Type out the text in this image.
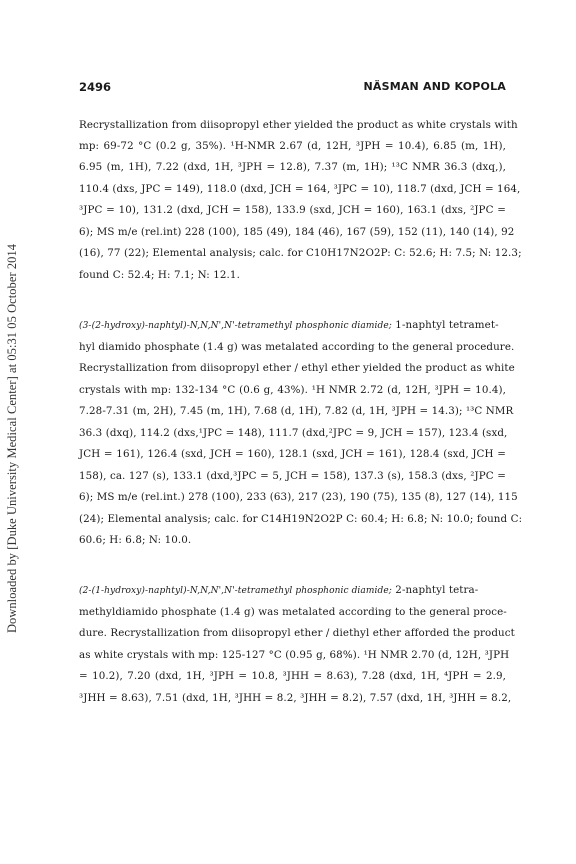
Downloaded by [Duke University Medical Center] at 05:31 05 October 2014
2496	NÄSMAN AND KOPOLA
Recrystallization from diisopropyl ether yielded the product as white crystals with
mp: 69-72 °C (0.2 g, 35%). ¹H-NMR 2.67 (d, 12H, ³JPH = 10.4), 6.85 (m, 1H),
6.95 (m, 1H), 7.22 (dxd, 1H, ³JPH = 12.8), 7.37 (m, 1H); ¹³C NMR 36.3 (dxq,),
110.4 (dxs, JPC = 149), 118.0 (dxd, JCH = 164, ³JPC = 10), 118.7 (dxd, JCH = 164,
³JPC = 10), 131.2 (dxd, JCH = 158), 133.9 (sxd, JCH = 160), 163.1 (dxs, ²JPC =
6); MS m/e (rel.int) 228 (100), 185 (49), 184 (46), 167 (59), 152 (11), 140 (14), 92
(16), 77 (22); Elemental analysis; calc. for C10H17N2O2P: C: 52.6; H: 7.5; N: 12.3;
found C: 52.4; H: 7.1; N: 12.1.
(3-(2-hydroxy)-naphtyl)-N,N,N',N'-tetramethyl phosphonic diamide; 1-naphtyl tetramet-
hyl diamido phosphate (1.4 g) was metalated according to the general procedure.
Recrystallization from diisopropyl ether / ethyl ether yielded the product as white
crystals with mp: 132-134 °C (0.6 g, 43%). ¹H NMR 2.72 (d, 12H, ³JPH = 10.4),
7.28-7.31 (m, 2H), 7.45 (m, 1H), 7.68 (d, 1H), 7.82 (d, 1H, ³JPH = 14.3); ¹³C NMR
36.3 (dxq), 114.2 (dxs,¹JPC = 148), 111.7 (dxd,²JPC = 9, JCH = 157), 123.4 (sxd,
JCH = 161), 126.4 (sxd, JCH = 160), 128.1 (sxd, JCH = 161), 128.4 (sxd, JCH =
158), ca. 127 (s), 133.1 (dxd,³JPC = 5, JCH = 158), 137.3 (s), 158.3 (dxs, ²JPC =
6); MS m/e (rel.int.) 278 (100), 233 (63), 217 (23), 190 (75), 135 (8), 127 (14), 115
(24); Elemental analysis; calc. for C14H19N2O2P C: 60.4; H: 6.8; N: 10.0; found C:
60.6; H: 6.8; N: 10.0.
(2-(1-hydroxy)-naphtyl)-N,N,N',N'-tetramethyl phosphonic diamide; 2-naphtyl tetra-
methyldiamido phosphate (1.4 g) was metalated according to the general proce-
dure. Recrystallization from diisopropyl ether / diethyl ether afforded the product
as white crystals with mp: 125-127 °C (0.95 g, 68%). ¹H NMR 2.70 (d, 12H, ³JPH
= 10.2), 7.20 (dxd, 1H, ³JPH = 10.8, ³JHH = 8.63), 7.28 (dxd, 1H, ⁴JPH = 2.9,
³JHH = 8.63), 7.51 (dxd, 1H, ³JHH = 8.2, ³JHH = 8.2), 7.57 (dxd, 1H, ³JHH = 8.2,
